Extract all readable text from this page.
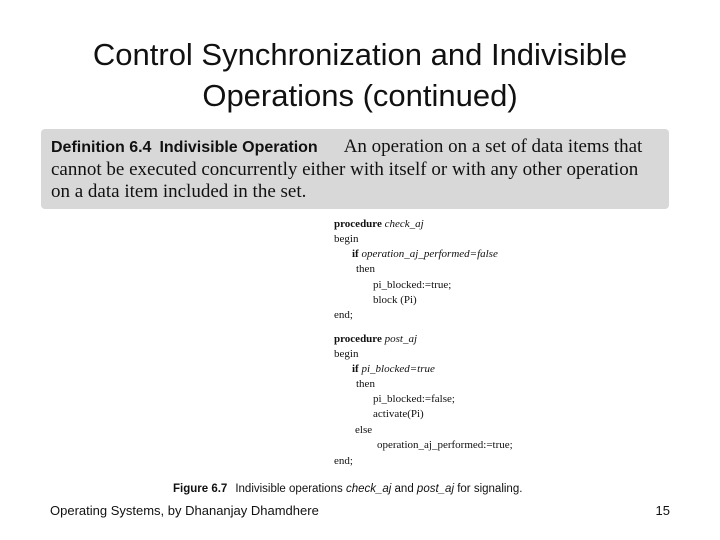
Control Synchronization and Indivisible
Operations (continued)
Definition 6.4 Indivisible Operation An operation on a set of data items that
cannot be executed concurrently either with itself or with any other operation
on a data item included in the set.
procedure check_aj
begin
if operation_aj_performed=false
then
pi_blocked:=true;
block (Pi)
end;
procedure post_aj
begin
if pi_blocked=true
then
pi_blocked:=false;
activate(Pi)
else
operation_aj_performed:=true;
end;
Figure 6.7 Indivisible operations check_aj and post_aj for signaling.
Operating Systems, by Dhananjay Dhamdhere	15
